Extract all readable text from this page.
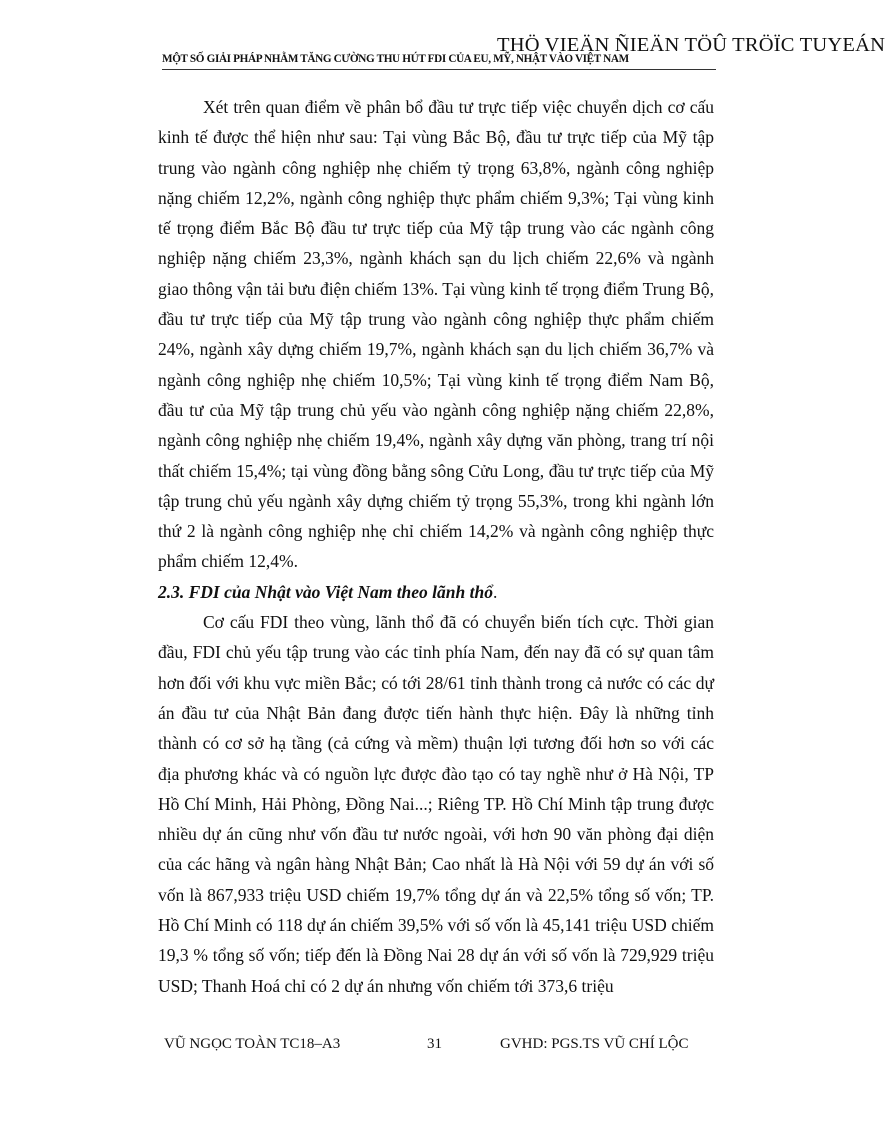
THÖ VIEÄN ÑIEÄN TÖÛ TRÖÏC TUYEÁN
MỘT SỐ GIẢI PHÁP NHẰM TĂNG CƯỜNG THU HÚT FDI CỦA EU, MỸ, NHẬT VÀO VIỆT NAM

Xét trên quan điểm về phân bổ đầu tư trực tiếp việc chuyển dịch cơ cấu kinh tế được thể hiện như sau: Tại vùng Bắc Bộ, đầu tư trực tiếp của Mỹ tập trung vào ngành công nghiệp nhẹ chiếm tỷ trọng 63,8%, ngành công nghiệp nặng chiếm 12,2%, ngành công nghiệp thực phẩm chiếm 9,3%; Tại vùng kinh tế trọng điểm Bắc Bộ đầu tư trực tiếp của Mỹ tập trung vào các ngành công nghiệp nặng chiếm 23,3%, ngành khách sạn du lịch chiếm 22,6% và ngành giao thông vận tải bưu điện chiếm 13%. Tại vùng kinh tế trọng điểm Trung Bộ, đầu tư trực tiếp của Mỹ tập trung vào ngành công nghiệp thực phẩm chiếm 24%, ngành xây dựng chiếm 19,7%, ngành khách sạn du lịch chiếm 36,7% và ngành công nghiệp nhẹ chiếm 10,5%; Tại vùng kinh tế trọng điểm Nam Bộ, đầu tư của Mỹ tập trung chủ yếu vào ngành công nghiệp nặng chiếm 22,8%, ngành công nghiệp nhẹ chiếm 19,4%, ngành xây dựng văn phòng, trang trí nội thất chiếm 15,4%; tại vùng đồng bằng sông Cửu Long, đầu tư trực tiếp của Mỹ tập trung chủ yếu ngành xây dựng chiếm tỷ trọng 55,3%, trong khi ngành lớn thứ 2 là ngành công nghiệp nhẹ chỉ chiếm 14,2% và ngành công nghiệp thực phẩm chiếm 12,4%.

2.3. FDI của Nhật vào Việt Nam theo lãnh thổ.

Cơ cấu FDI theo vùng, lãnh thổ đã có chuyển biến tích cực. Thời gian đầu, FDI chủ yếu tập trung vào các tỉnh phía Nam, đến nay đã có sự quan tâm hơn đối với khu vực miền Bắc; có tới 28/61 tỉnh thành trong cả nước có các dự án đầu tư của Nhật Bản đang được tiến hành thực hiện. Đây là những tỉnh thành có cơ sở hạ tầng (cả cứng và mềm) thuận lợi tương đối hơn so với các địa phương khác và có nguồn lực được đào tạo có tay nghề như ở Hà Nội, TP Hồ Chí Minh, Hải Phòng, Đồng Nai...; Riêng TP. Hồ Chí Minh tập trung được nhiều dự án cũng như vốn đầu tư nước ngoài, với hơn 90 văn phòng đại diện của các hãng và ngân hàng Nhật Bản; Cao nhất là Hà Nội với 59 dự án với số vốn là 867,933 triệu USD chiếm 19,7% tổng dự án và 22,5% tổng số vốn; TP. Hồ Chí Minh có 118 dự án chiếm 39,5% với số vốn là 45,141 triệu USD chiếm 19,3 % tổng số vốn; tiếp đến là Đồng Nai 28 dự án với số vốn là 729,929 triệu USD; Thanh Hoá chỉ có 2 dự án nhưng vốn chiếm tới 373,6 triệu

VŨ NGỌC TOÀN TC18–A3	31	GVHD: PGS.TS VŨ CHÍ LỘC
